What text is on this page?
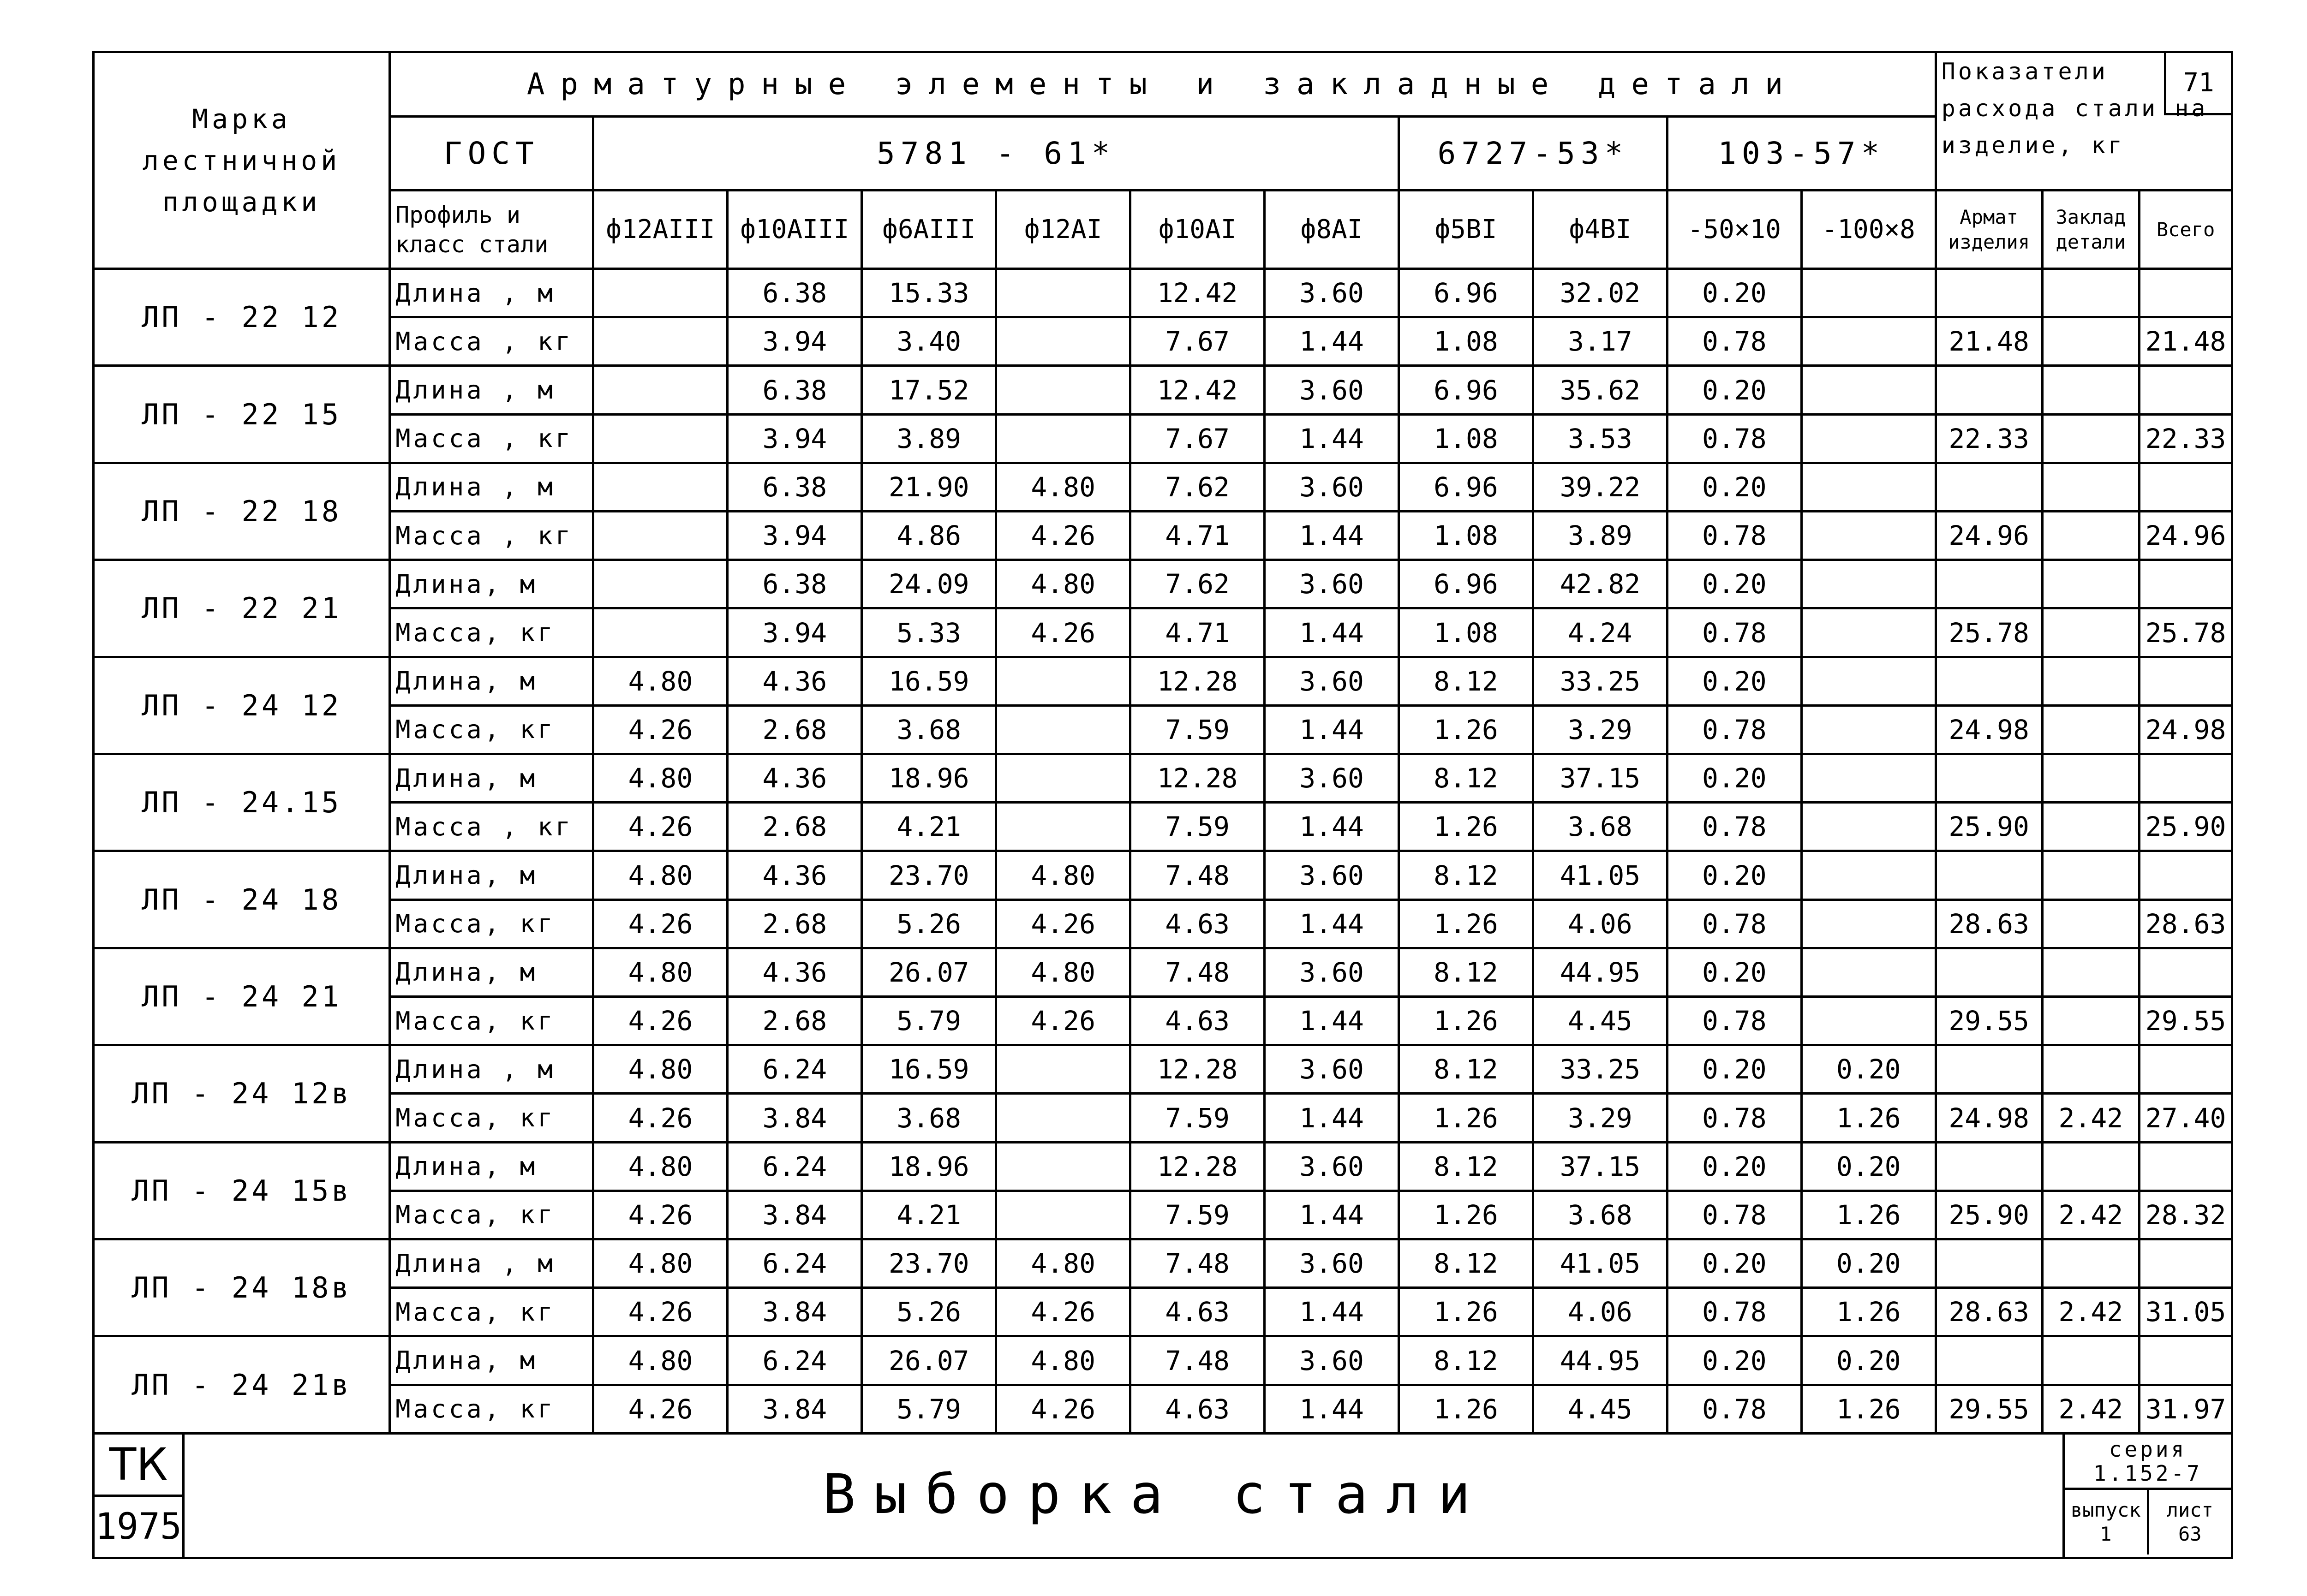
Марка лестничной площадки	Арматурные элементы и закладные детали											Показатели расхода стали на изделие, кг
71		

	ГОСТ	5781 - 61*						6727-53*		103-57*				
	Профиль и класс стали	ф12АIII	ф10АIII	ф6АIII	ф12АI	ф10АI	ф8АI	ф5ВI	ф4ВI	-50×10	-100×8	Армат изделия	Заклад детали	Всего
ЛП - 22 12	Длина , м		6.38	15.33		12.42	3.60	6.96	32.02	0.20				
	Масса , кг		3.94	3.40		7.67	1.44	1.08	3.17	0.78		21.48		21.48
ЛП - 22 15	Длина , м		6.38	17.52		12.42	3.60	6.96	35.62	0.20				
	Масса , кг		3.94	3.89		7.67	1.44	1.08	3.53	0.78		22.33		22.33
ЛП - 22 18	Длина , м		6.38	21.90	4.80	7.62	3.60	6.96	39.22	0.20				
	Масса , кг		3.94	4.86	4.26	4.71	1.44	1.08	3.89	0.78		24.96		24.96
ЛП - 22 21	Длина, м		6.38	24.09	4.80	7.62	3.60	6.96	42.82	0.20				
	Масса, кг		3.94	5.33	4.26	4.71	1.44	1.08	4.24	0.78		25.78		25.78
ЛП - 24 12	Длина, м	4.80	4.36	16.59		12.28	3.60	8.12	33.25	0.20				
	Масса, кг	4.26	2.68	3.68		7.59	1.44	1.26	3.29	0.78		24.98		24.98
ЛП - 24.15	Длина, м	4.80	4.36	18.96		12.28	3.60	8.12	37.15	0.20				
	Масса , кг	4.26	2.68	4.21		7.59	1.44	1.26	3.68	0.78		25.90		25.90
ЛП - 24 18	Длина, м	4.80	4.36	23.70	4.80	7.48	3.60	8.12	41.05	0.20				
	Масса, кг	4.26	2.68	5.26	4.26	4.63	1.44	1.26	4.06	0.78		28.63		28.63
ЛП - 24 21	Длина, м	4.80	4.36	26.07	4.80	7.48	3.60	8.12	44.95	0.20				
	Масса, кг	4.26	2.68	5.79	4.26	4.63	1.44	1.26	4.45	0.78		29.55		29.55
ЛП - 24 12в	Длина , м	4.80	6.24	16.59		12.28	3.60	8.12	33.25	0.20	0.20			
	Масса, кг	4.26	3.84	3.68		7.59	1.44	1.26	3.29	0.78	1.26	24.98	2.42	27.40
ЛП - 24 15в	Длина, м	4.80	6.24	18.96		12.28	3.60	8.12	37.15	0.20	0.20			
	Масса, кг	4.26	3.84	4.21		7.59	1.44	1.26	3.68	0.78	1.26	25.90	2.42	28.32
ЛП - 24 18в	Длина , м	4.80	6.24	23.70	4.80	7.48	3.60	8.12	41.05	0.20	0.20			
	Масса, кг	4.26	3.84	5.26	4.26	4.63	1.44	1.26	4.06	0.78	1.26	28.63	2.42	31.05
ЛП - 24 21в	Длина, м	4.80	6.24	26.07	4.80	7.48	3.60	8.12	44.95	0.20	0.20			
	Масса, кг	4.26	3.84	5.79	4.26	4.63	1.44	1.26	4.45	0.78	1.26	29.55	2.42	31.97
ТК
1975
Выборка стали
серия
1.152-7
выпуск
1
лист
63
